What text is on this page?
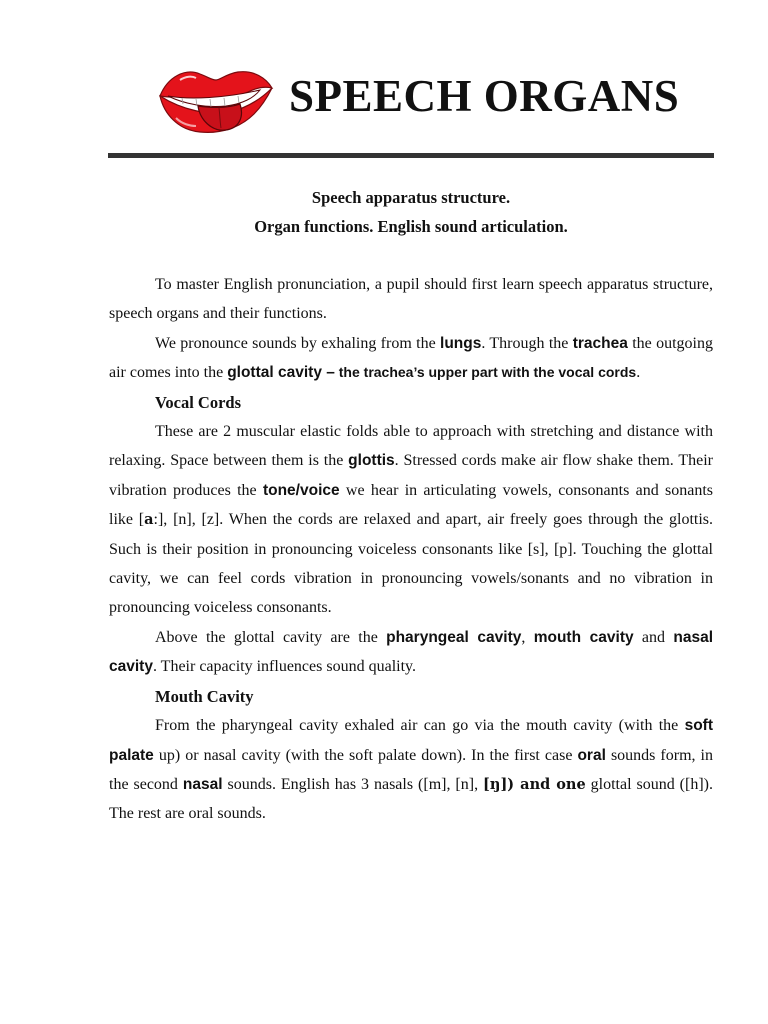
SPEECH ORGANS
Speech apparatus structure.
Organ functions. English sound articulation.

To master English pronunciation, a pupil should first learn speech apparatus structure, speech organs and their functions.

We pronounce sounds by exhaling from the lungs. Through the trachea the outgoing air comes into the glottal cavity – the trachea’s upper part with the vocal cords.

Vocal Cords

These are 2 muscular elastic folds able to approach with stretching and distance with relaxing. Space between them is the glottis. Stressed cords make air flow shake them. Their vibration produces the tone/voice we hear in articulating vowels, consonants and sonants like [a:], [n], [z]. When the cords are relaxed and apart, air freely goes through the glottis. Such is their position in pronouncing voiceless consonants like [s], [p]. Touching the glottal cavity, we can feel cords vibration in pronouncing vowels/sonants and no vibration in pronouncing voiceless consonants.

Above the glottal cavity are the pharyngeal cavity, mouth cavity and nasal cavity. Their capacity influences sound quality.

Mouth Cavity

From the pharyngeal cavity exhaled air can go via the mouth cavity (with the soft palate up) or nasal cavity (with the soft palate down). In the first case oral sounds form, in the second nasal sounds. English has 3 nasals ([m], [n], [ŋ]) and one glottal sound ([h]). The rest are oral sounds.
